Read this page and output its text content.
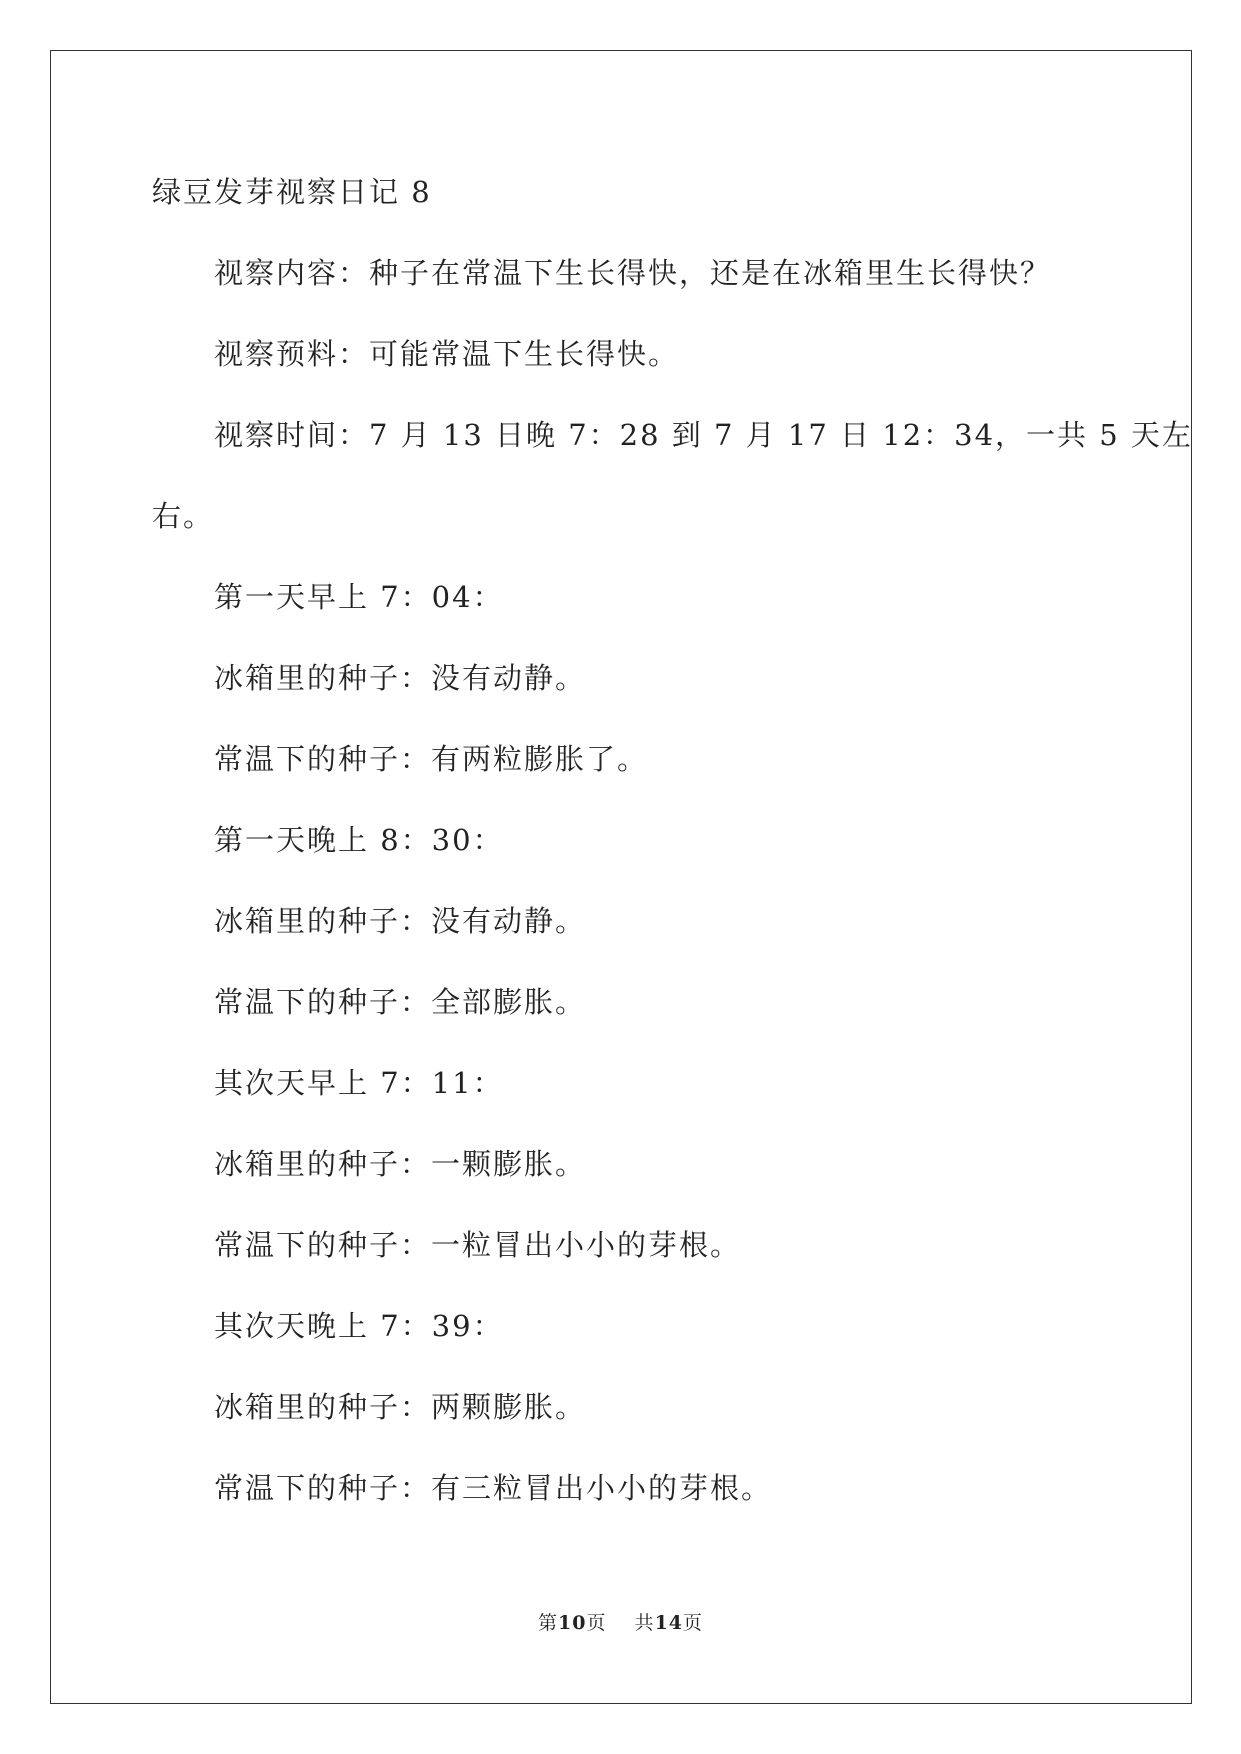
绿豆发芽视察日记 8
视察内容：种子在常温下生长得快，还是在冰箱里生长得快？
视察预料：可能常温下生长得快。
视察时间：7 月 13 日晚 7：28 到 7 月 17 日 12：34，一共 5 天左
右。
第一天早上 7：04：
冰箱里的种子：没有动静。
常温下的种子：有两粒膨胀了。
第一天晚上 8：30：
冰箱里的种子：没有动静。
常温下的种子：全部膨胀。
其次天早上 7：11：
冰箱里的种子：一颗膨胀。
常温下的种子：一粒冒出小小的芽根。
其次天晚上 7：39：
冰箱里的种子：两颗膨胀。
常温下的种子：有三粒冒出小小的芽根。
第10页 共14页
